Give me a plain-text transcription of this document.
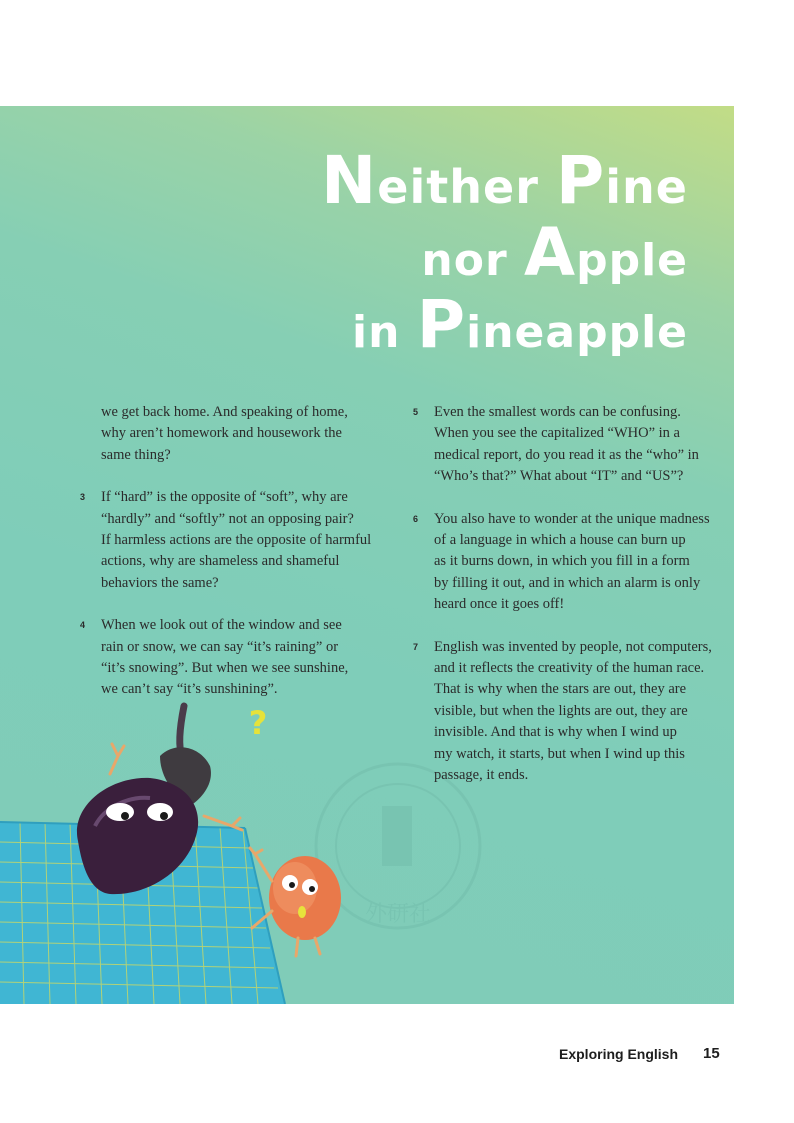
外研社
?
Neither Pine
nor Apple
in Pineapple
we get back home. And speaking of home,
why aren’t homework and housework the
same thing?
3 If “hard” is the opposite of “soft”, why are
“hardly” and “softly” not an opposing pair?
If harmless actions are the opposite of harmful
actions, why are shameless and shameful
behaviors the same?
4 When we look out of the window and see
rain or snow, we can say “it’s raining” or
“it’s snowing”. But when we see sunshine,
we can’t say “it’s sunshining”.
5 Even the smallest words can be confusing.
When you see the capitalized “WHO” in a
medical report, do you read it as the “who” in
“Who’s that?” What about “IT” and “US”?
6 You also have to wonder at the unique madness
of a language in which a house can burn up
as it burns down, in which you fill in a form
by filling it out, and in which an alarm is only
heard once it goes off!
7 English was invented by people, not computers,
and it reflects the creativity of the human race.
That is why when the stars are out, they are
visible, but when the lights are out, they are
invisible. And that is why when I wind up
my watch, it starts, but when I wind up this
passage, it ends.
Exploring English 15
